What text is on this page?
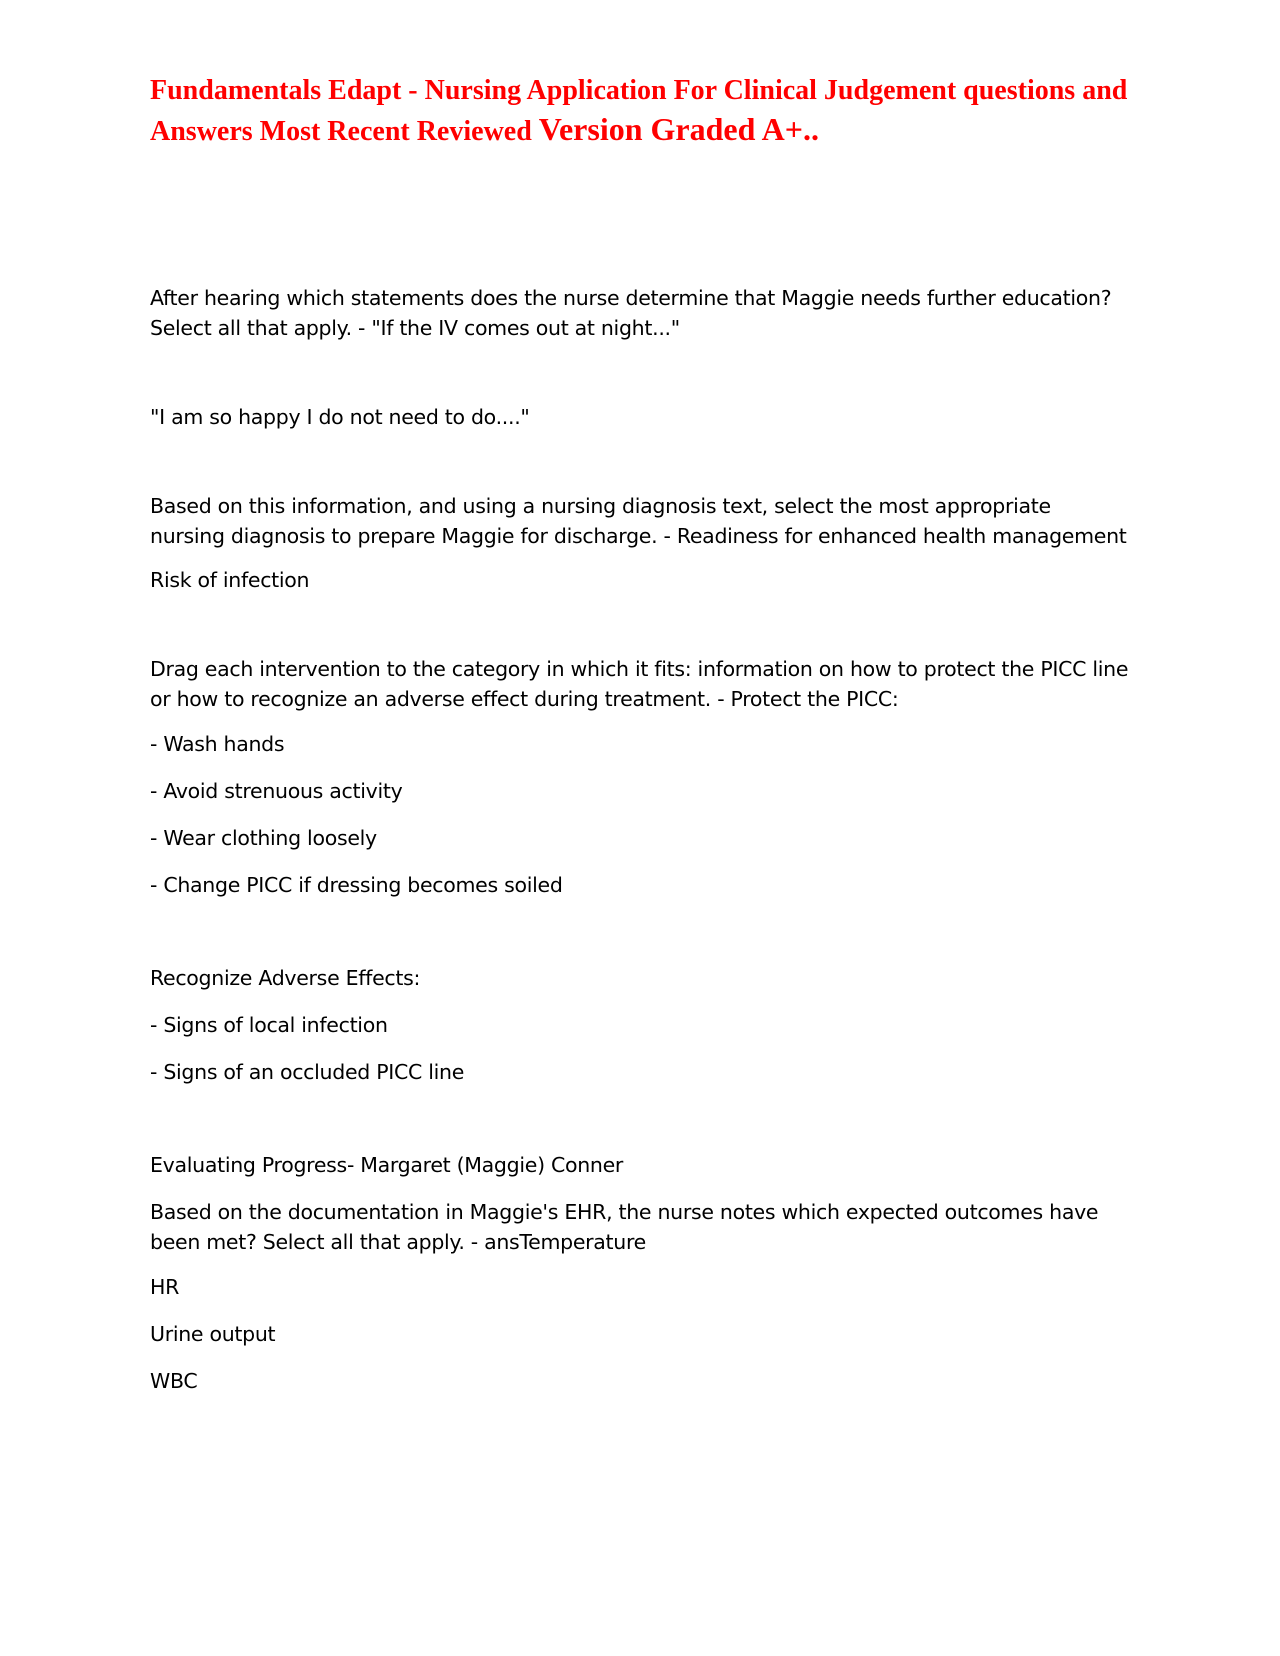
Fundamentals Edapt - Nursing Application For Clinical Judgement questions and Answers Most Recent Reviewed Version Graded A+..

After hearing which statements does the nurse determine that Maggie needs further education? Select all that apply. - "If the IV comes out at night..."

"I am so happy I do not need to do...."

Based on this information, and using a nursing diagnosis text, select the most appropriate nursing diagnosis to prepare Maggie for discharge. - Readiness for enhanced health management

Risk of infection

Drag each intervention to the category in which it fits: information on how to protect the PICC line or how to recognize an adverse effect during treatment. - Protect the PICC:

- Wash hands

- Avoid strenuous activity

- Wear clothing loosely

- Change PICC if dressing becomes soiled

Recognize Adverse Effects:

- Signs of local infection

- Signs of an occluded PICC line

Evaluating Progress- Margaret (Maggie) Conner

Based on the documentation in Maggie's EHR, the nurse notes which expected outcomes have been met? Select all that apply. - ansTemperature

HR

Urine output

WBC
